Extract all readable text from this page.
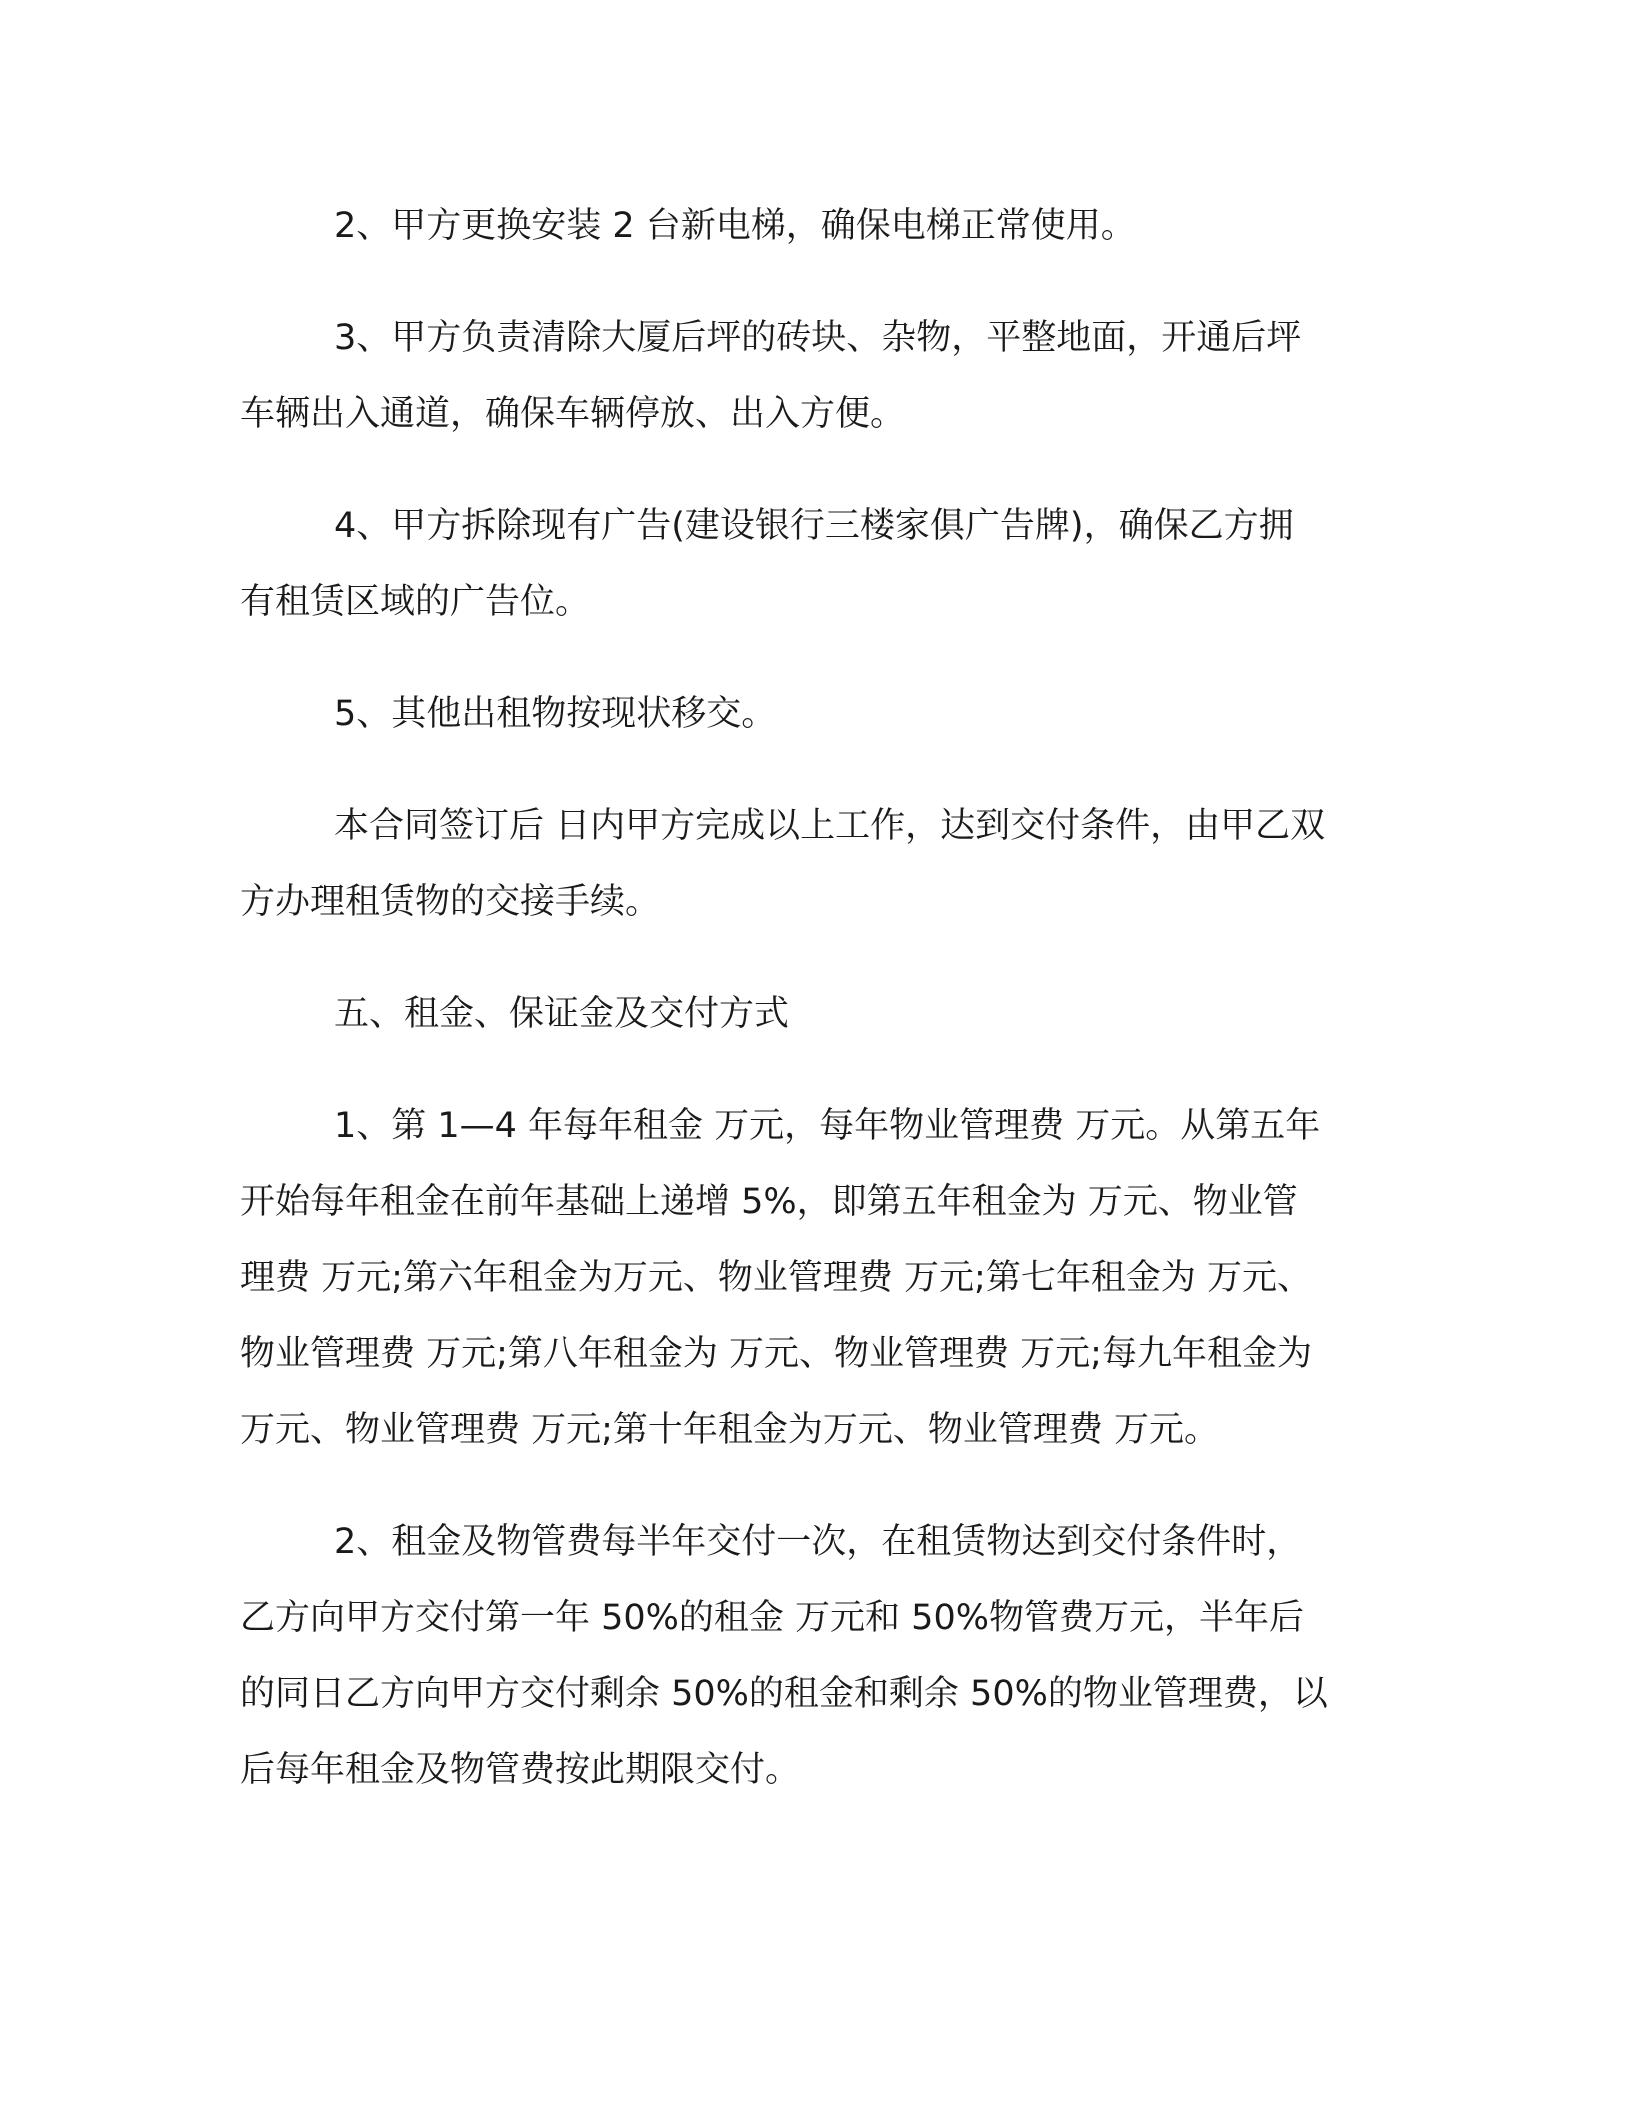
2、甲方更换安装 2 台新电梯，确保电梯正常使用。

3、甲方负责清除大厦后坪的砖块、杂物，平整地面，开通后坪
车辆出入通道，确保车辆停放、出入方便。

4、甲方拆除现有广告(建设银行三楼家俱广告牌)，确保乙方拥
有租赁区域的广告位。

5、其他出租物按现状移交。

本合同签订后 日内甲方完成以上工作，达到交付条件，由甲乙双
方办理租赁物的交接手续。

五、租金、保证金及交付方式

1、第 1—4 年每年租金 万元，每年物业管理费 万元。从第五年
开始每年租金在前年基础上递增 5%，即第五年租金为 万元、物业管
理费 万元;第六年租金为万元、物业管理费 万元;第七年租金为 万元、
物业管理费 万元;第八年租金为 万元、物业管理费 万元;每九年租金为
万元、物业管理费 万元;第十年租金为万元、物业管理费 万元。

2、租金及物管费每半年交付一次，在租赁物达到交付条件时，
乙方向甲方交付第一年 50%的租金 万元和 50%物管费万元，半年后
的同日乙方向甲方交付剩余 50%的租金和剩余 50%的物业管理费，以
后每年租金及物管费按此期限交付。
